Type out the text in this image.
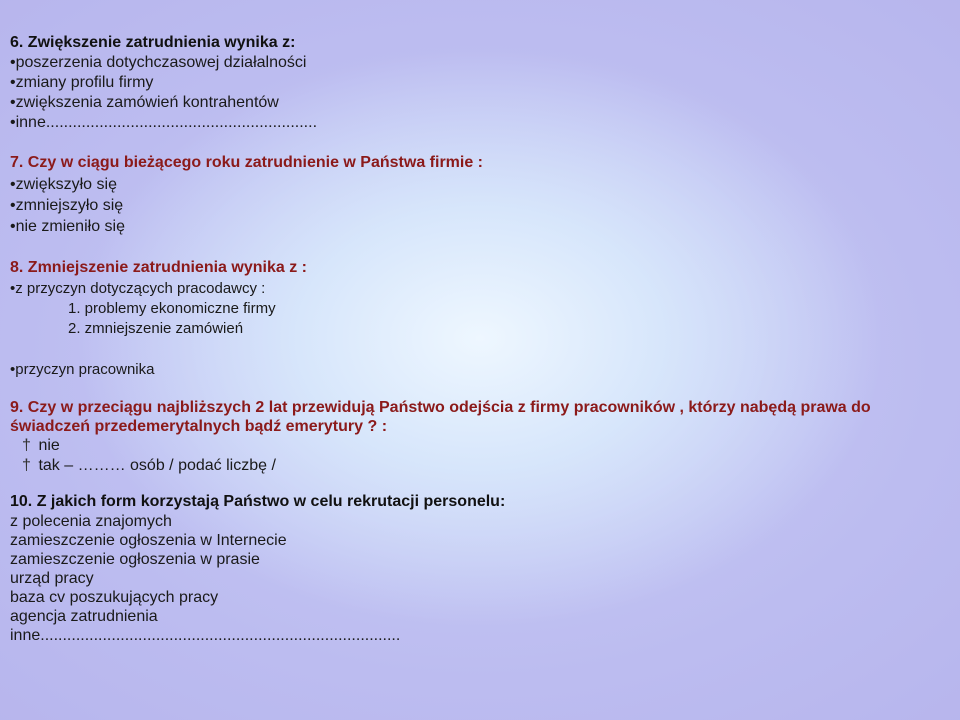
6. Zwiększenie zatrudnienia wynika z:
•poszerzenia dotychczasowej działalności
•zmiany profilu firmy
•zwiększenia zamówień kontrahentów
•inne.............................................................
7. Czy w ciągu bieżącego roku zatrudnienie w Państwa firmie :
•zwiększyło się
•zmniejszyło się
•nie zmieniło się
8. Zmniejszenie zatrudnienia wynika z :
•z przyczyn dotyczących pracodawcy :
1. problemy ekonomiczne firmy
2. zmniejszenie zamówień
•przyczyn pracownika
9. Czy w przeciągu najbliższych 2 lat przewidują Państwo odejścia z firmy pracowników , którzy nabędą prawa do świadczeń przedemerytalnych bądź emerytury ? :
† nie
† tak – ……… osób / podać liczbę /
10. Z jakich form korzystają Państwo w celu rekrutacji personelu:
z polecenia znajomych
zamieszczenie ogłoszenia w Internecie
zamieszczenie ogłoszenia w prasie
urząd pracy
baza cv poszukujących pracy
agencja zatrudnienia
inne.................................................................................
